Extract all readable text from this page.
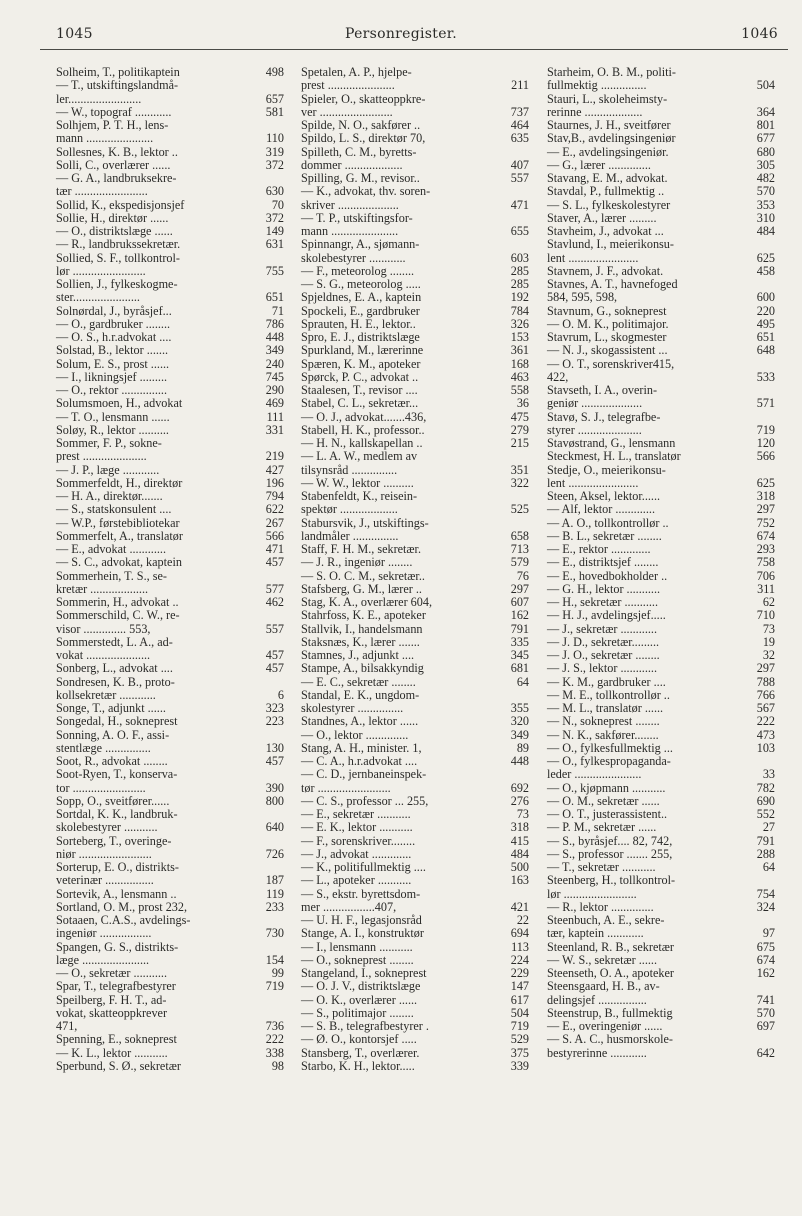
1045	Personregister.	1046
Solheim, T., politikaptein	498
— T., utskiftingslandmå-
ler........................	657
— W., topograf ............	581
Solhjem, P. T. H., lens-
mann ......................	110
Sollesnes, K. B., lektor ..	319
Solli, C., overlærer ......	372
— G. A., landbruksekre-
tær ........................	630
Sollid, K., ekspedisjonsjef	70
Sollie, H., direktør ......	372
— O., distriktslæge ......	149
— R., landbrukssekretær.	631
Sollied, S. F., tollkontrol-
lør ........................	755
Sollien, J., fylkeskogme-
ster......................	651
Solnørdal, J., byråsjef...	71
— O., gardbruker ........	786
— O. S., h.r.advokat ....	448
Solstad, B., lektor .......	349
Solum, E. S., prost ......	240
— I., likningsjef .........	745
— O., rektor ...............	290
Solumsmoen, H., advokat	469
— T. O., lensmann ......	111
Soløy, R., lektor ..........	331
Sommer, F. P., sokne-
prest .....................	219
— J. P., læge ............	427
Sommerfeldt, H., direktør	196
— H. A., direktør.......	794
— S., statskonsulent ....	622
— W.P., førstebibliotekar	267
Sommerfelt, A., translatør	566
— E., advokat ............	471
— S. C., advokat, kaptein	457
Sommerhein, T. S., se-
kretær ...................	577
Sommerin, H., advokat ..	462
Sommerschild, C. W., re-
visor .............. 553,	557
Sommerstedt, L. A., ad-
vokat .....................	457
Sonberg, L., advokat ....	457
Sondresen, K. B., proto-
kollsekretær ............	6
Songe, T., adjunkt ......	323
Songedal, H., sokneprest	223
Sonning, A. O. F., assi-
stentlæge ...............	130
Soot, R., advokat ........	457
Soot-Ryen, T., konserva-
tor ........................	390
Sopp, O., sveitfører......	800
Sortdal, K. K., landbruk-
skolebestyrer ...........	640
Sorteberg, T., overinge-
niør ........................	726
Sorterup, E. O., distrikts-
veterinær ................	187
Sortevik, A., lensmann ..	119
Sortland, O. M., prost 232,	233
Sotaaen, C.A.S., avdelings-
ingeniør .................	730
Spangen, G. S., distrikts-
læge ......................	154
— O., sekretær ...........	99
Spar, T., telegrafbestyrer	719
Speilberg, F. H. T., ad-
vokat, skatteoppkrever
471,	736
Spenning, E., sokneprest	222
— K. L., lektor ...........	338
Sperbund, S. Ø., sekretær	98
Spetalen, A. P., hjelpe-
prest ......................	211
Spieler, O., skatteoppkre-
ver ........................	737
Spilde, N. O., sakfører ..	464
Spildo, L. S., direktør 70,	635
Spilleth, C. M., byretts-
dommer ...................	407
Spilling, G. M., revisor..	557
— K., advokat, thv. soren-
skriver ....................	471
— T. P., utskiftingsfor-
mann ......................	655
Spinnangr, A., sjømann-
skolebestyrer ............	603
— F., meteorolog ........	285
— S. G., meteorolog .....	285
Spjeldnes, E. A., kaptein	192
Spockeli, E., gardbruker	784
Sprauten, H. E., lektor..	326
Spro, E. J., distriktslæge	153
Spurkland, M., lærerinne	361
Spæren, K. M., apoteker	168
Spørck, P. C., advokat ..	463
Staalesen, T., revisor ....	558
Stabel, C. L., sekretær...	36
— O. J., advokat.......436,	475
Stabell, H. K., professor..	279
— H. N., kallskapellan ..	215
— L. A. W., medlem av
tilsynsråd ...............	351
— W. W., lektor ..........	322
Stabenfeldt, K., reisein-
spektør ...................	525
Stabursvik, J., utskiftings-
landmåler ...............	658
Staff, F. H. M., sekretær.	713
— J. R., ingeniør ........	579
— S. O. C. M., sekretær..	76
Stafsberg, G. M., lærer ..	297
Stag, K. A., overlærer 604,	607
Stahrfoss, K. E., apoteker	162
Stallvik, I., handelsmann	791
Staksnæs, K., lærer .......	335
Stamnes, J., adjunkt ....	345
Stampe, A., bilsakkyndig	681
— E. C., sekretær ........	64
Standal, E. K., ungdom-
skolestyrer ...............	355
Standnes, A., lektor ......	320
— O., lektor ..............	349
Stang, A. H., minister. 1,	89
— C. A., h.r.advokat ....	448
— C. D., jernbaneinspek-
tør ........................	692
— C. S., professor ... 255,	276
— E., sekretær ...........	73
— E. K., lektor ...........	318
— F., sorenskriver........	415
— J., advokat .............	484
— K., politifullmektig ....	500
— L., apoteker ...........	163
— S., ekstr. byrettsdom-
mer .................407,	421
— U. H. F., legasjonsråd	22
Stange, A. I., konstruktør	694
— I., lensmann ...........	113
— O., sokneprest ........	224
Stangeland, I., sokneprest	229
— O. J. V., distriktslæge	147
— O. K., overlærer ......	617
— S., politimajor ........	504
— S. B., telegrafbestyrer .	719
— Ø. O., kontorsjef .....	529
Stansberg, T., overlærer.	375
Starbo, K. H., lektor.....	339
Starheim, O. B. M., politi-
fullmektig ...............	504
Stauri, L., skoleheimsty-
rerinne ...................	364
Staurnes, J. H., sveitfører	801
Stav,B., avdelingsingeniør	677
— E., avdelingsingeniør.	680
— G., lærer ..............	305
Stavang, E. M., advokat.	482
Stavdal, P., fullmektig ..	570
— S. L., fylkeskolestyrer	353
Staver, A., lærer .........	310
Stavheim, J., advokat ...	484
Stavlund, I., meierikonsu-
lent .......................	625
Stavnem, J. F., advokat.	458
Stavnes, A. T., havnefoged
584, 595, 598,	600
Stavnum, G., sokneprest	220
— O. M. K., politimajor.	495
Stavrum, L., skogmester	651
— N. J., skogassistent ...	648
— O. T., sorenskriver415,
422,	533
Stavseth, I. A., overin-
geniør ....................	571
Stavø, S. J., telegrafbe-
styrer .....................	719
Stavøstrand, G., lensmann	120
Steckmest, H. L., translatør	566
Stedje, O., meierikonsu-
lent .......................	625
Steen, Aksel, lektor......	318
— Alf, lektor .............	297
— A. O., tollkontrollør ..	752
— B. L., sekretær ........	674
— E., rektor .............	293
— E., distriktsjef ........	758
— E., hovedbokholder ..	706
— G. H., lektor ...........	311
— H., sekretær ...........	62
— H. J., avdelingsjef.....	710
— J., sekretær ............	73
— J. D., sekretær.........	19
— J. O., sekretær ........	32
— J. S., lektor ............	297
— K. M., gardbruker ....	788
— M. E., tollkontrollør ..	766
— M. L., translatør ......	567
— N., sokneprest ........	222
— N. K., sakfører........	473
— O., fylkesfullmektig ...	103
— O., fylkespropaganda-
leder ......................	33
— O., kjøpmann ...........	782
— O. M., sekretær ......	690
— O. T., justerassistent..	552
— P. M., sekretær ......	27
— S., byråsjef.... 82, 742,	791
— S., professor ....... 255,	288
— T., sekretær ...........	64
Steenberg, H., tollkontrol-
lør ........................	754
— R., lektor ..............	324
Steenbuch, A. E., sekre-
tær, kaptein ............	97
Steenland, R. B., sekretær	675
— W. S., sekretær ......	674
Steenseth, O. A., apoteker	162
Steensgaard, H. B., av-
delingsjef ................	741
Steenstrup, B., fullmektig	570
— E., overingeniør ......	697
— S. A. C., husmorskole-
bestyrerinne ............	642
